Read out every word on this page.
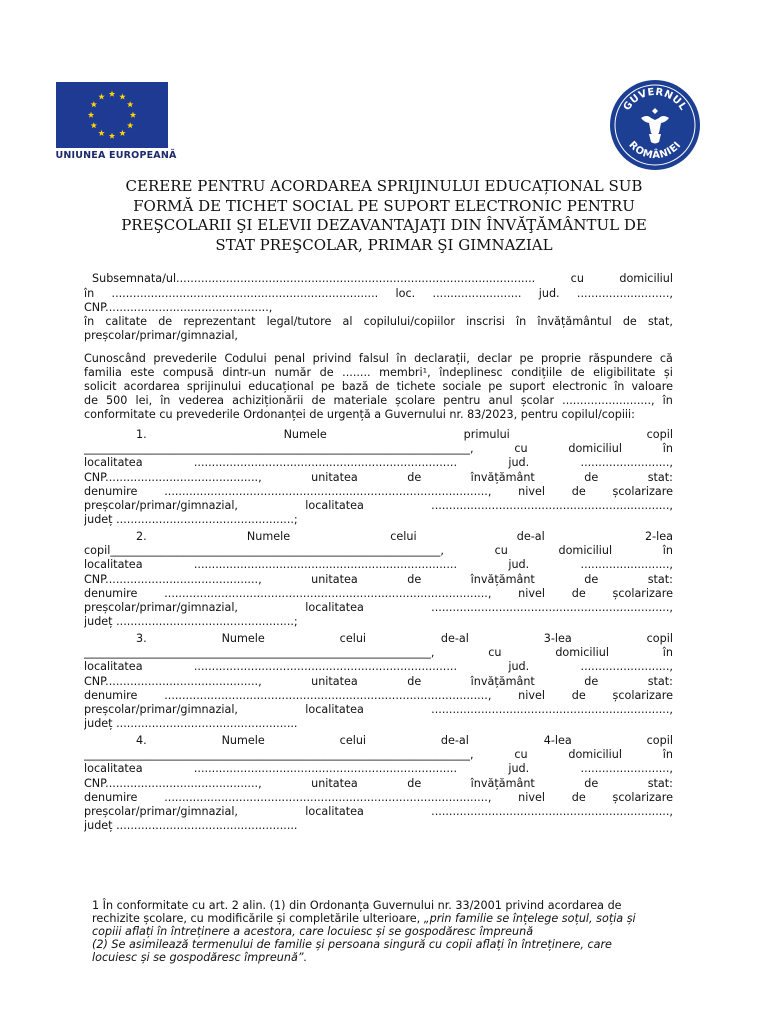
UNIUNEA EUROPEANĂ
GUVERNUL
ROMÂNIEI
CERERE PENTRU ACORDAREA SPRIJINULUI EDUCAȚIONAL SUB
FORMĂ DE TICHET SOCIAL PE SUPORT ELECTRONIC PENTRU
PREŞCOLARII ŞI ELEVII DEZAVANTAJAŢI DIN ÎNVĂŢĂMÂNTUL DE
STAT PREŞCOLAR, PRIMAR ŞI GIMNAZIAL
Subsemnata/ul.....................................................................................................	cu	domiciliul
în ........................................................................... loc. ......................... jud. ..........................,
CNP..............................................,
în calitate de reprezentant legal/tutore al copilului/copiilor inscrisi în învățământul de stat,
preșcolar/primar/gimnazial,
Cunoscând prevederile Codului penal privind falsul în declarații, declar pe proprie răspundere că
familia este compusă dintr-un număr de ........ membri¹, îndeplinesc condițiile de eligibilitate și
solicit acordarea sprijinului educațional pe bază de tichete sociale pe suport electronic în valoare
de 500 lei, în vederea achiziționării de materiale școlare pentru anul școlar ........................., în
conformitate cu prevederile Ordonanței de urgență a Guvernului nr. 83/2023, pentru copilul/copiii:
1.	Numele	primului	copil
_____________________________________________________________________,	cu	domiciliul	în
localitatea	..........................................................................	jud.	.........................,
CNP...........................................,	unitatea	de	învățământ	de	stat:
denumire ..........................................................................................., nivel de școlarizare
preșcolar/primar/gimnazial,	localitatea	...................................................................,
județ ..................................................;
2.	Numele	celui	de-al	2-lea
copil___________________________________________________________,	cu	domiciliul	în
localitatea	..........................................................................	jud.	.........................,
CNP...........................................,	unitatea	de	învățământ	de	stat:
denumire ..........................................................................................., nivel de școlarizare
preșcolar/primar/gimnazial,	localitatea	...................................................................,
județ ..................................................;
3.	Numele	celui	de-al	3-lea	copil
______________________________________________________________,	cu	domiciliul	în
localitatea	..........................................................................	jud.	.........................,
CNP...........................................,	unitatea	de	învățământ	de	stat:
denumire ..........................................................................................., nivel de școlarizare
preșcolar/primar/gimnazial,	localitatea	...................................................................,
județ ...................................................
4.	Numele	celui	de-al	4-lea	copil
_____________________________________________________________________,	cu	domiciliul	în
localitatea	..........................................................................	jud.	.........................,
CNP...........................................,	unitatea	de	învățământ	de	stat:
denumire ..........................................................................................., nivel de școlarizare
preșcolar/primar/gimnazial,	localitatea	...................................................................,
județ ...................................................
1 În conformitate cu art. 2 alin. (1) din Ordonanța Guvernului nr. 33/2001 privind acordarea de
rechizite școlare, cu modificările și completările ulterioare, „prin familie se înțelege soțul, soția și
copiii aflați în întreținere a acestora, care locuiesc și se gospodăresc împreună
(2) Se asimilează termenului de familie și persoana singură cu copii aflați în întreținere, care
locuiesc și se gospodăresc împreună”.
